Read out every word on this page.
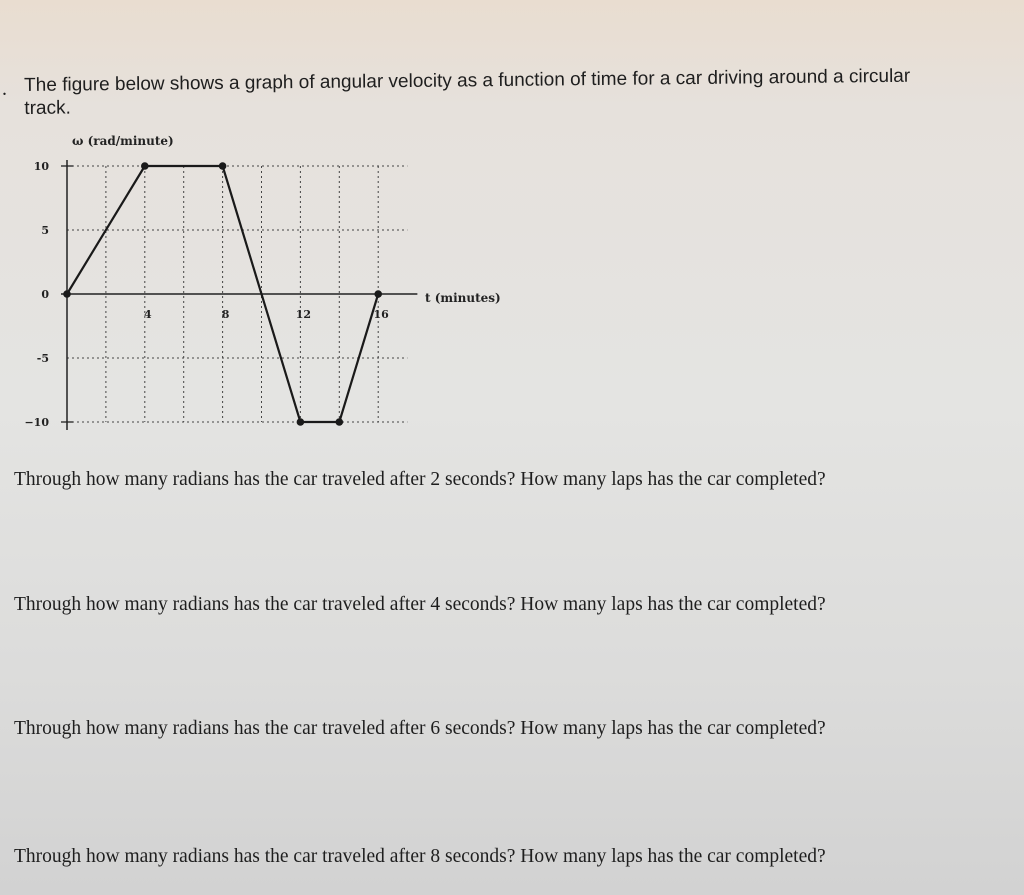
. The figure below shows a graph of angular velocity as a function of time for a car driving around a circular
track.
10
5
0
-5
−10
4	8	12	16
ω (rad/minute)
t (minutes)
Through how many radians has the car traveled after 2 seconds? How many laps has the car completed?
Through how many radians has the car traveled after 4 seconds? How many laps has the car completed?
Through how many radians has the car traveled after 6 seconds? How many laps has the car completed?
Through how many radians has the car traveled after 8 seconds? How many laps has the car completed?
